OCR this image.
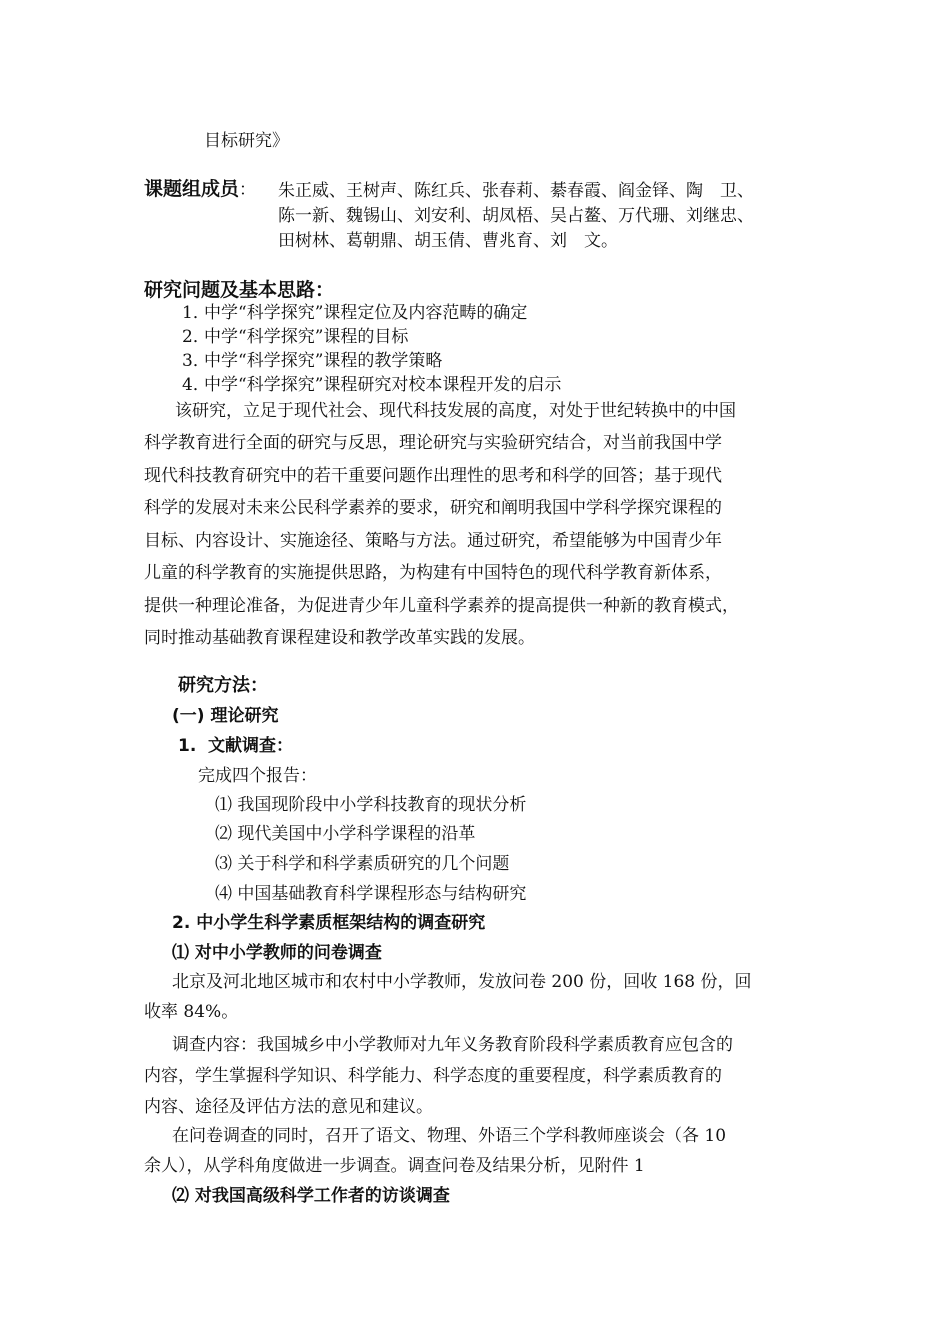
目标研究》
课题组成员： 朱正威、王树声、陈红兵、张春莉、綦春霞、阎金铎、陶　卫、
陈一新、魏锡山、刘安利、胡凤梧、吴占鳌、万代珊、刘继忠、
田树林、葛朝鼎、胡玉倩、曹兆育、刘　文。
研究问题及基本思路：
1．中学“科学探究”课程定位及内容范畴的确定
2．中学“科学探究”课程的目标
3．中学“科学探究”课程的教学策略
4．中学“科学探究”课程研究对校本课程开发的启示
该研究，立足于现代社会、现代科技发展的高度，对处于世纪转换中的中国
科学教育进行全面的研究与反思，理论研究与实验研究结合，对当前我国中学
现代科技教育研究中的若干重要问题作出理性的思考和科学的回答；基于现代
科学的发展对未来公民科学素养的要求，研究和阐明我国中学科学探究课程的
目标、内容设计、实施途径、策略与方法。通过研究，希望能够为中国青少年
儿童的科学教育的实施提供思路，为构建有中国特色的现代科学教育新体系，
提供一种理论准备，为促进青少年儿童科学素养的提高提供一种新的教育模式，
同时推动基础教育课程建设和教学改革实践的发展。
研究方法：
(一) 理论研究
1. 文献调查：
完成四个报告：
⑴ 我国现阶段中小学科技教育的现状分析
⑵ 现代美国中小学科学课程的沿革
⑶ 关于科学和科学素质研究的几个问题
⑷ 中国基础教育科学课程形态与结构研究
2. 中小学生科学素质框架结构的调查研究
⑴ 对中小学教师的问卷调查
北京及河北地区城市和农村中小学教师，发放问卷 200 份，回收 168 份，回
收率 84%。
调查内容：我国城乡中小学教师对九年义务教育阶段科学素质教育应包含的
内容，学生掌握科学知识、科学能力、科学态度的重要程度，科学素质教育的
内容、途径及评估方法的意见和建议。
在问卷调查的同时，召开了语文、物理、外语三个学科教师座谈会（各 10
余人），从学科角度做进一步调查。调查问卷及结果分析，见附件 1
⑵ 对我国高级科学工作者的访谈调查
